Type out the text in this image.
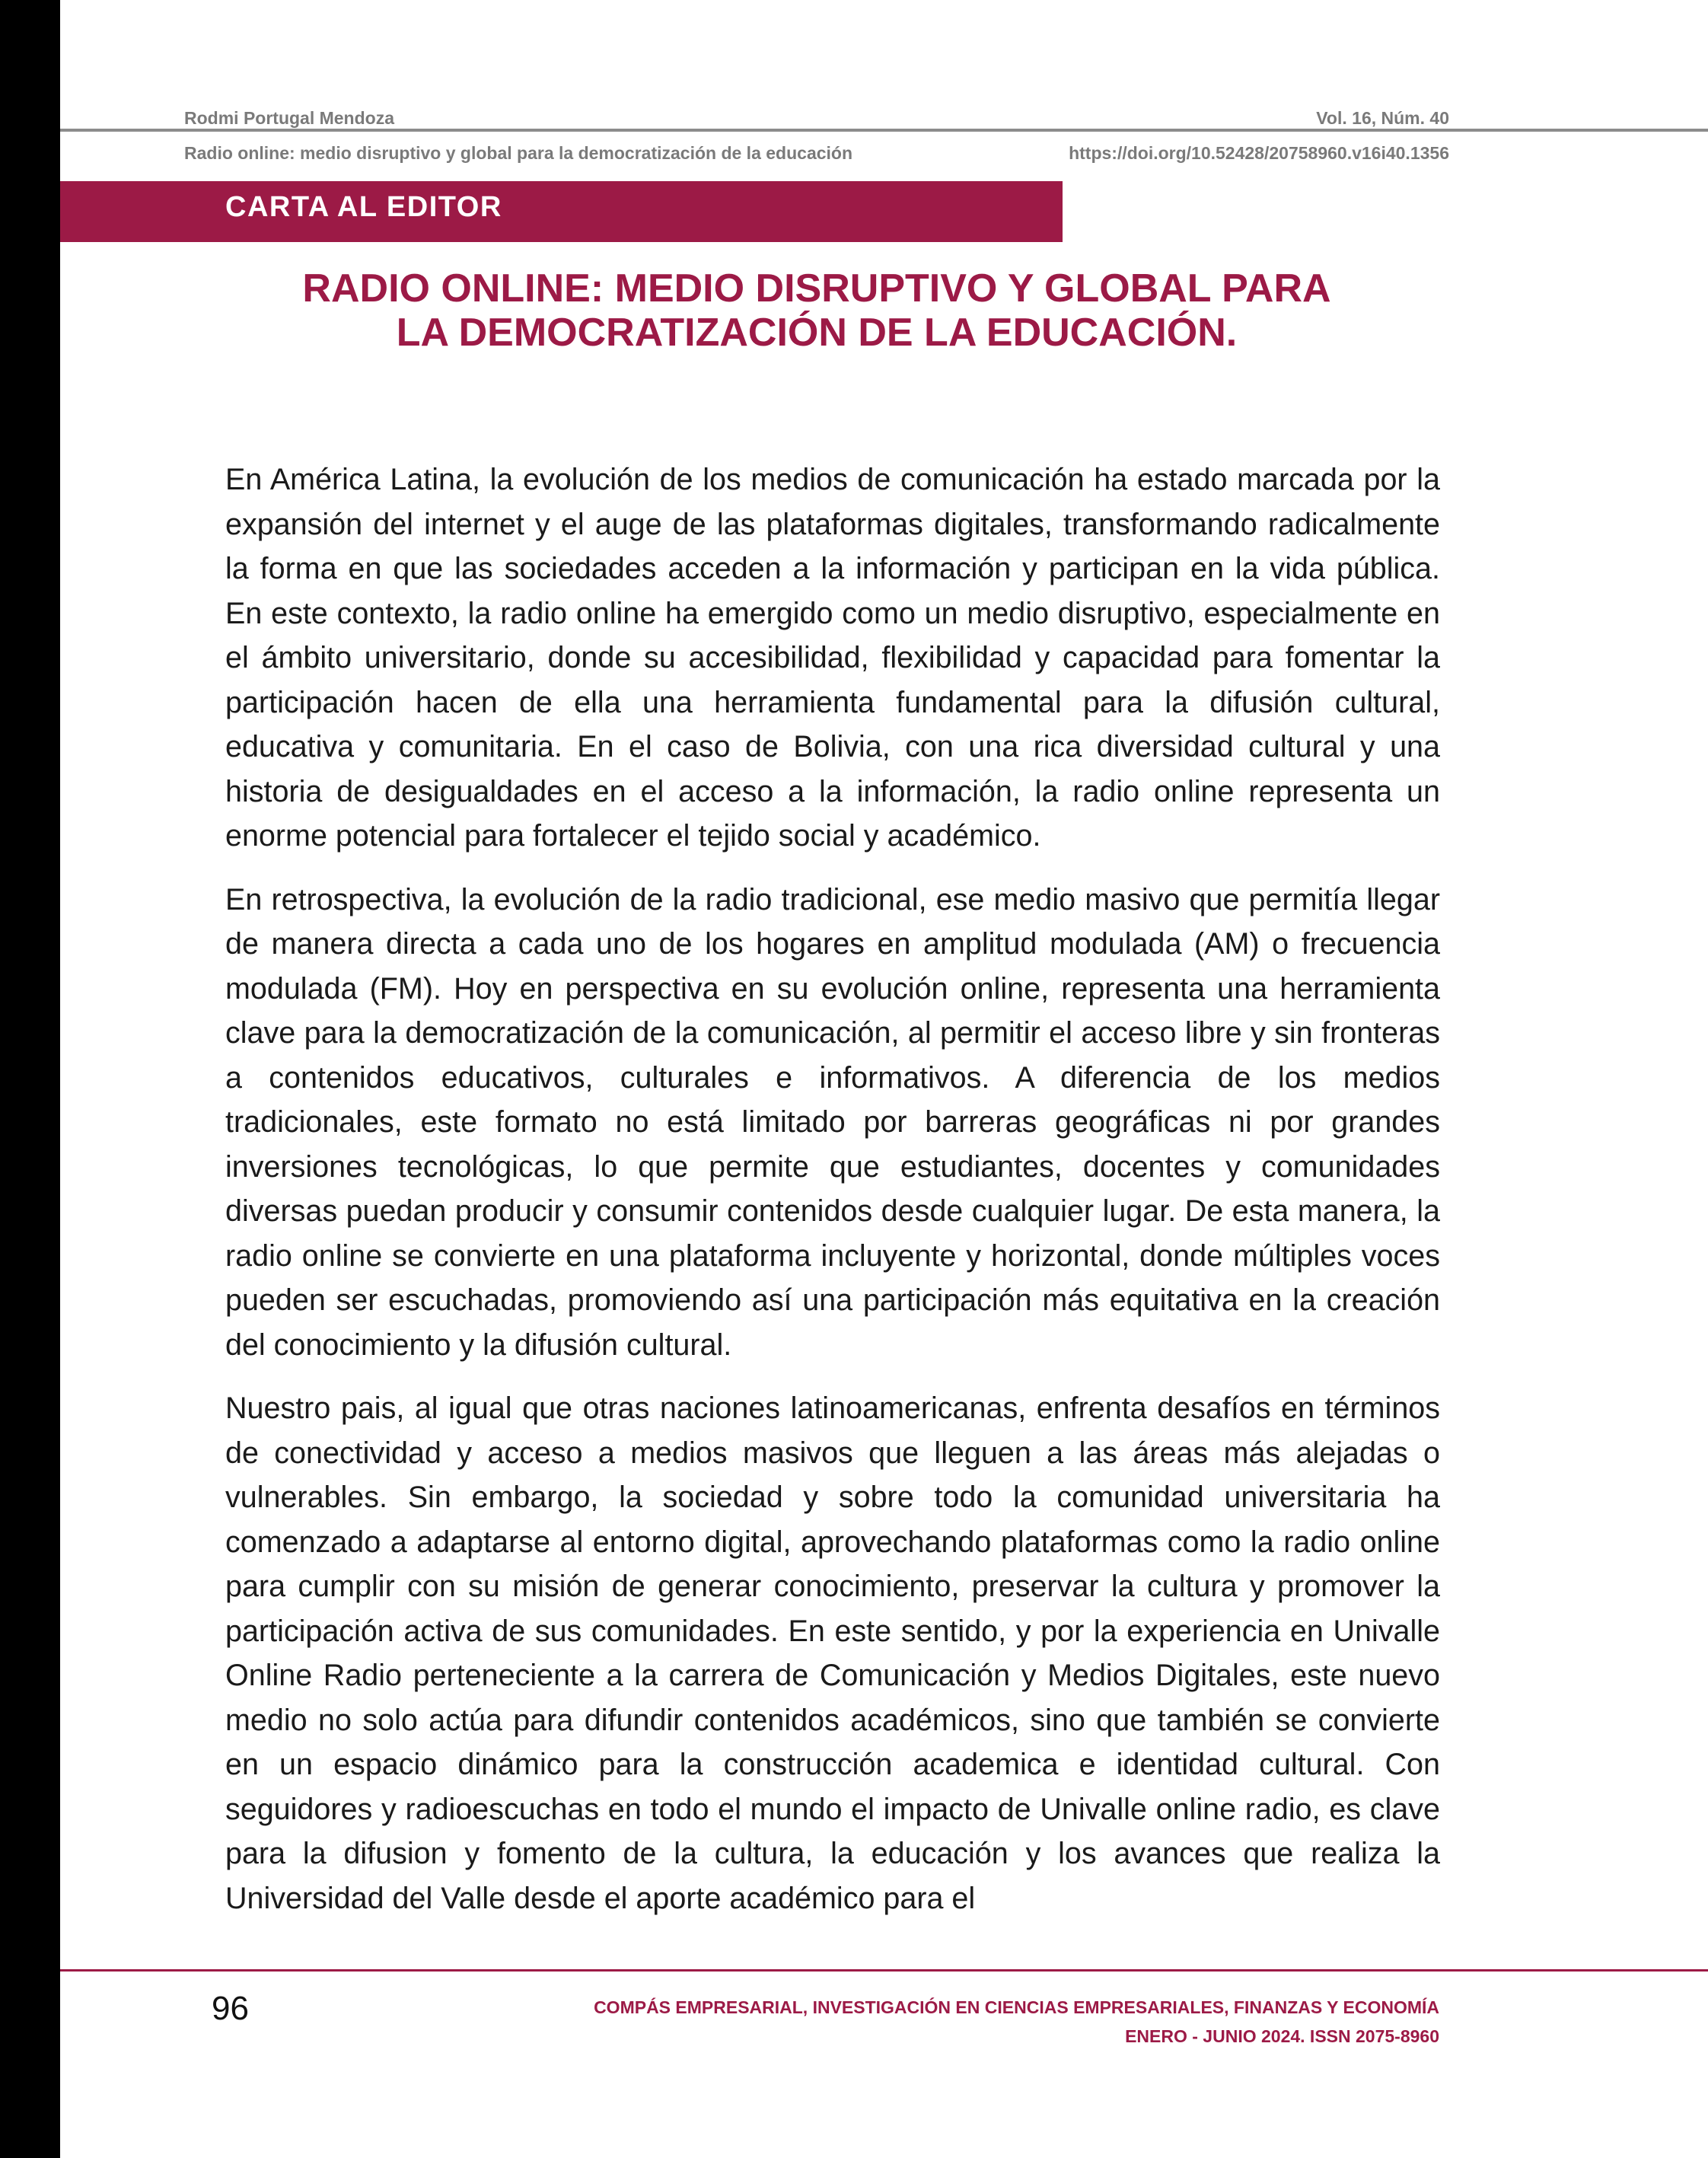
Rodmi Portugal Mendoza	Vol. 16, Núm. 40
Radio online: medio disruptivo y global para la democratización de la educación	https://doi.org/10.52428/20758960.v16i40.1356
CARTA AL EDITOR
RADIO ONLINE: MEDIO DISRUPTIVO Y GLOBAL PARA
LA DEMOCRATIZACIÓN DE LA EDUCACIÓN.

En América Latina, la evolución de los medios de comunicación ha estado marcada por la expansión del internet y el auge de las plataformas digitales, transformando radicalmente la forma en que las sociedades acceden a la información y participan en la vida pública. En este contexto, la radio online ha emergido como un medio disruptivo, especialmente en el ámbito universitario, donde su accesibilidad, flexibilidad y capacidad para fomentar la participación hacen de ella una herramienta fundamental para la difusión cultural, educativa y comunitaria. En el caso de Bolivia, con una rica diversidad cultural y una historia de desigualdades en el acceso a la información, la radio online representa un enorme potencial para fortalecer el tejido social y académico.

En retrospectiva, la evolución de la radio tradicional, ese medio masivo que permitía llegar de manera directa a cada uno de los hogares en amplitud modulada (AM) o frecuencia modulada (FM). Hoy en perspectiva en su evolución online, representa una herramienta clave para la democratización de la comunicación, al permitir el acceso libre y sin fronteras a contenidos educativos, culturales e informativos. A diferencia de los medios tradicionales, este formato no está limitado por barreras geográficas ni por grandes inversiones tecnológicas, lo que permite que estudiantes, docentes y comunidades diversas puedan producir y consumir contenidos desde cualquier lugar. De esta manera, la radio online se convierte en una plataforma incluyente y horizontal, donde múltiples voces pueden ser escuchadas, promoviendo así una participación más equitativa en la creación del conocimiento y la difusión cultural.

Nuestro pais, al igual que otras naciones latinoamericanas, enfrenta desafíos en términos de conectividad y acceso a medios masivos que lleguen a las áreas más alejadas o vulnerables. Sin embargo, la sociedad y sobre todo la comunidad universitaria ha comenzado a adaptarse al entorno digital, aprovechando plataformas como la radio online para cumplir con su misión de generar conocimiento, preservar la cultura y promover la participación activa de sus comunidades. En este sentido, y por la experiencia en Univalle Online Radio perteneciente a la carrera de Comunicación y Medios Digitales, este nuevo medio no solo actúa para difundir contenidos académicos, sino que también se convierte en un espacio dinámico para la construcción academica e identidad cultural. Con seguidores y radioescuchas en todo el mundo el impacto de Univalle online radio, es clave para la difusion y fomento de la cultura, la educación y los avances que realiza la Universidad del Valle desde el aporte académico para el

96	COMPÁS EMPRESARIAL, INVESTIGACIÓN EN CIENCIAS EMPRESARIALES, FINANZAS Y ECONOMÍA
ENERO - JUNIO 2024. ISSN 2075-8960
